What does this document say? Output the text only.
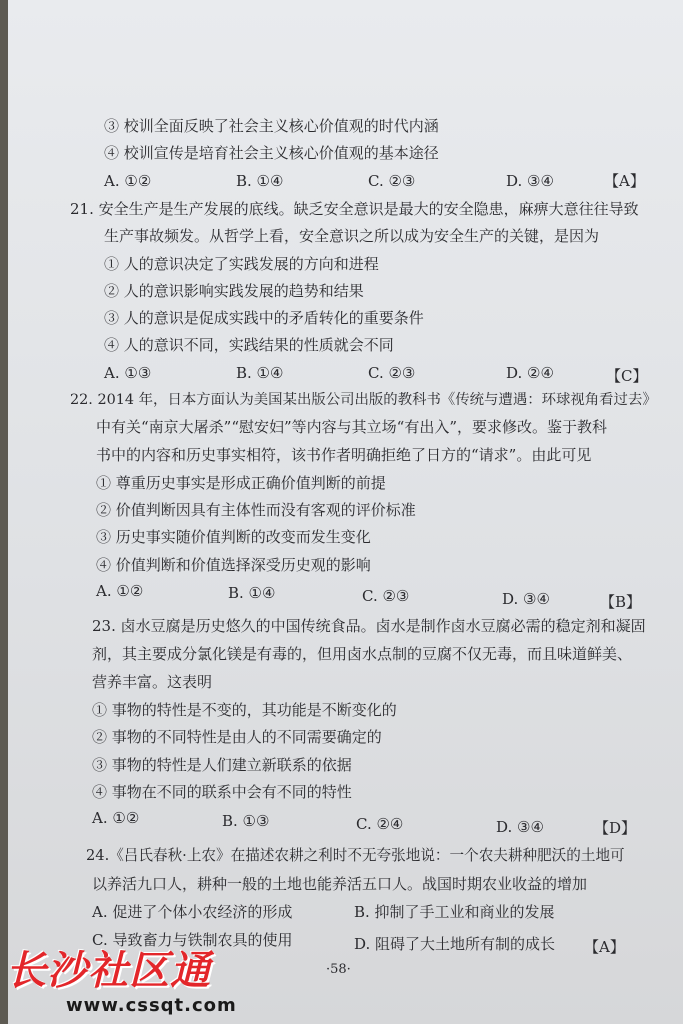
③ 校训全面反映了社会主义核心价值观的时代内涵
④ 校训宣传是培育社会主义核心价值观的基本途径
A. ①②	B. ①④	C. ②③	D. ③④	【A】
21. 安全生产是生产发展的底线。缺乏安全意识是最大的安全隐患，麻痹大意往往导致
生产事故频发。从哲学上看，安全意识之所以成为安全生产的关键，是因为
① 人的意识决定了实践发展的方向和进程
② 人的意识影响实践发展的趋势和结果
③ 人的意识是促成实践中的矛盾转化的重要条件
④ 人的意识不同，实践结果的性质就会不同
A. ①③	B. ①④	C. ②③	D. ②④	【C】
22. 2014 年，日本方面认为美国某出版公司出版的教科书《传统与遭遇：环球视角看过去》
中有关“南京大屠杀”“慰安妇”等内容与其立场“有出入”，要求修改。鉴于教科
书中的内容和历史事实相符，该书作者明确拒绝了日方的“请求”。由此可见
① 尊重历史事实是形成正确价值判断的前提
② 价值判断因具有主体性而没有客观的评价标准
③ 历史事实随价值判断的改变而发生变化
④ 价值判断和价值选择深受历史观的影响
A. ①②	B. ①④	C. ②③	D. ③④	【B】
23. 卤水豆腐是历史悠久的中国传统食品。卤水是制作卤水豆腐必需的稳定剂和凝固
剂，其主要成分氯化镁是有毒的，但用卤水点制的豆腐不仅无毒，而且味道鲜美、
营养丰富。这表明
① 事物的特性是不变的，其功能是不断变化的
② 事物的不同特性是由人的不同需要确定的
③ 事物的特性是人们建立新联系的依据
④ 事物在不同的联系中会有不同的特性
A. ①②	B. ①③	C. ②④	D. ③④	【D】
24.《吕氏春秋·上农》在描述农耕之利时不无夸张地说：一个农夫耕种肥沃的土地可
以养活九口人，耕种一般的土地也能养活五口人。战国时期农业收益的增加
A. 促进了个体小农经济的形成	B. 抑制了手工业和商业的发展
C. 导致畜力与铁制农具的使用	D. 阻碍了大土地所有制的成长 【A】
·58·
长沙社区通
www.cssqt.com
